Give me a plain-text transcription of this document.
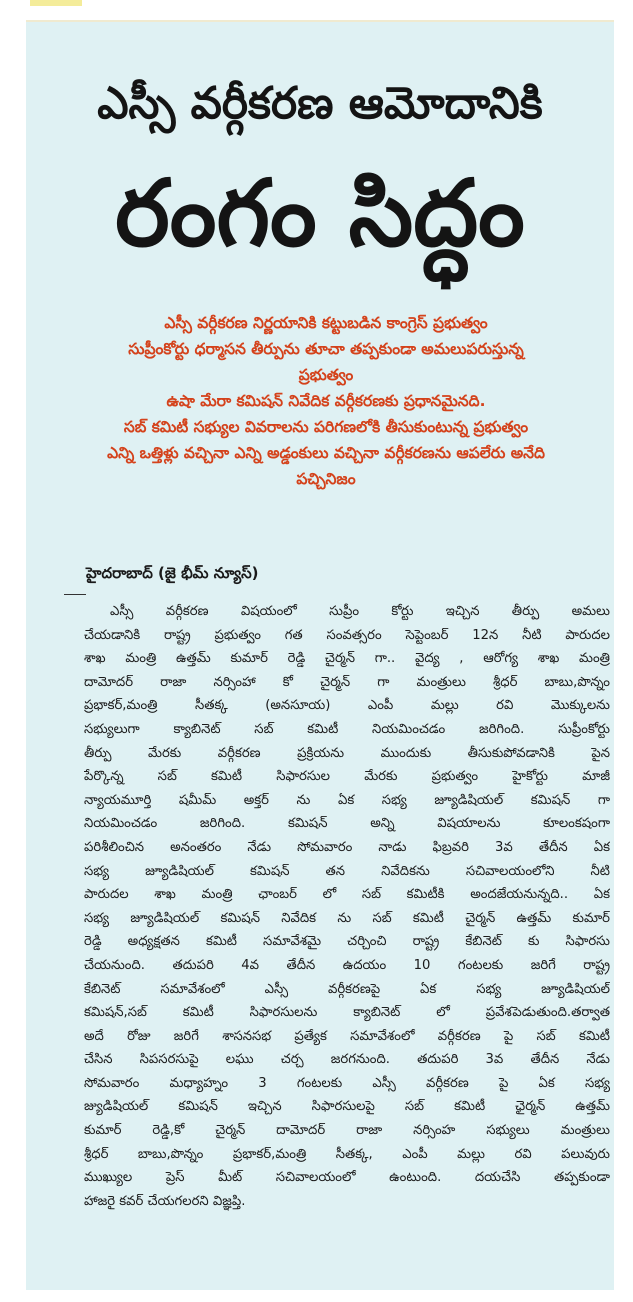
ఎస్సీ వర్గీకరణ ఆమోదానికి
రంగం సిద్ధం
ఎస్సీ వర్గీకరణ నిర్ణయానికి కట్టుబడిన కాంగ్రెస్ ప్రభుత్వం
సుప్రీంకోర్టు ధర్మాసన తీర్పును తూచా తప్పకుండా అమలుపరుస్తున్న
ప్రభుత్వం
ఉషా మేరా కమిషన్ నివేదిక వర్గీకరణకు ప్రధానమైనది.
సబ్ కమిటీ సభ్యుల వివరాలను పరిగణలోకి తీసుకుంటున్న ప్రభుత్వం
ఎన్ని ఒత్తిళ్లు వచ్చినా ఎన్ని అడ్డంకులు వచ్చినా వర్గీకరణను ఆపలేరు అనేది
పచ్చినిజం
హైదరాబాద్ (జై భీమ్ న్యూస్)
ఎస్సీ వర్గీకరణ విషయంలో సుప్రీం కోర్టు ఇచ్చిన తీర్పు అమలు
చేయడానికి రాష్ట్ర ప్రభుత్వం గత సంవత్సరం సెప్టెంబర్ 12న నీటి పారుదల
శాఖ మంత్రి ఉత్తమ్ కుమార్ రెడ్డి చైర్మన్ గా.. వైద్య , ఆరోగ్య శాఖ మంత్రి
దామోదర్ రాజా నర్సింహా కో చైర్మన్ గా మంత్రులు శ్రీధర్ బాబు,పొన్నం
ప్రభాకర్,మంత్రి సీతక్క (అనసూయ) ఎంపీ మల్లు రవి మొక్కులను
సభ్యులుగా క్యాబినెట్ సబ్ కమిటీ నియమించడం జరిగింది. సుప్రీంకోర్టు
తీర్పు మేరకు వర్గీకరణ ప్రక్రియను ముందుకు తీసుకుపోవడానికి పైన
పేర్కొన్న సబ్ కమిటీ సిఫారసుల మేరకు ప్రభుత్వం హైకోర్టు మాజీ
న్యాయమూర్తి షమీమ్ అక్తర్ ను ఏక సభ్య జ్యూడిషియల్ కమిషన్ గా
నియమించడం జరిగింది. కమిషన్ అన్ని విషయాలను కూలంకషంగా
పరిశీలించిన అనంతరం నేడు సోమవారం నాడు ఫిబ్రవరి 3వ తేదీన ఏక
సభ్య జ్యూడిషియల్ కమిషన్ తన నివేదికను సచివాలయంలోని నీటి
పారుదల శాఖ మంత్రి ఛాంబర్ లో సబ్ కమిటీకి అందజేయనున్నది.. ఏక
సభ్య జ్యూడిషియల్ కమిషన్ నివేదిక ను సబ్ కమిటీ చైర్మన్ ఉత్తమ్ కుమార్
రెడ్డి అధ్యక్షతన కమిటీ సమావేశమై చర్చించి రాష్ట్ర కేబినెట్ కు సిఫారసు
చేయనుంది. తదుపరి 4వ తేదీన ఉదయం 10 గంటలకు జరిగే రాష్ట్ర
కేబినెట్ సమావేశంలో ఎస్సీ వర్గీకరణపై ఏక సభ్య జ్యూడిషియల్
కమిషన్,సబ్ కమిటీ సిఫారసులను క్యాబినెట్ లో ప్రవేశపెడుతుంది.తర్వాత
అదే రోజు జరిగే శాసనసభ ప్రత్యేక సమావేశంలో వర్గీకరణ పై సబ్ కమిటీ
చేసిన సిపసరసుపై లఘు చర్చ జరగనుంది. తదుపరి 3వ తేదీన నేడు
సోమవారం మధ్యాహ్నం 3 గంటలకు ఎస్సీ వర్గీకరణ పై ఏక సభ్య
జ్యుడిషియల్ కమిషన్ ఇచ్చిన సిఫారసులపై సబ్ కమిటీ ఛైర్మన్ ఉత్తమ్
కుమార్ రెడ్డి,కో చైర్మన్ దామోదర్ రాజా నర్సింహ సభ్యులు మంత్రులు
శ్రీధర్ బాబు,పొన్నం ప్రభాకర్,మంత్రి సీతక్క, ఎంపీ మల్లు రవి పలువురు
ముఖ్యుల ప్రెస్ మీట్ సచివాలయంలో ఉంటుంది. దయచేసి తప్పకుండా
హాజరై కవర్ చేయగలరని విజ్ఞప్తి.
